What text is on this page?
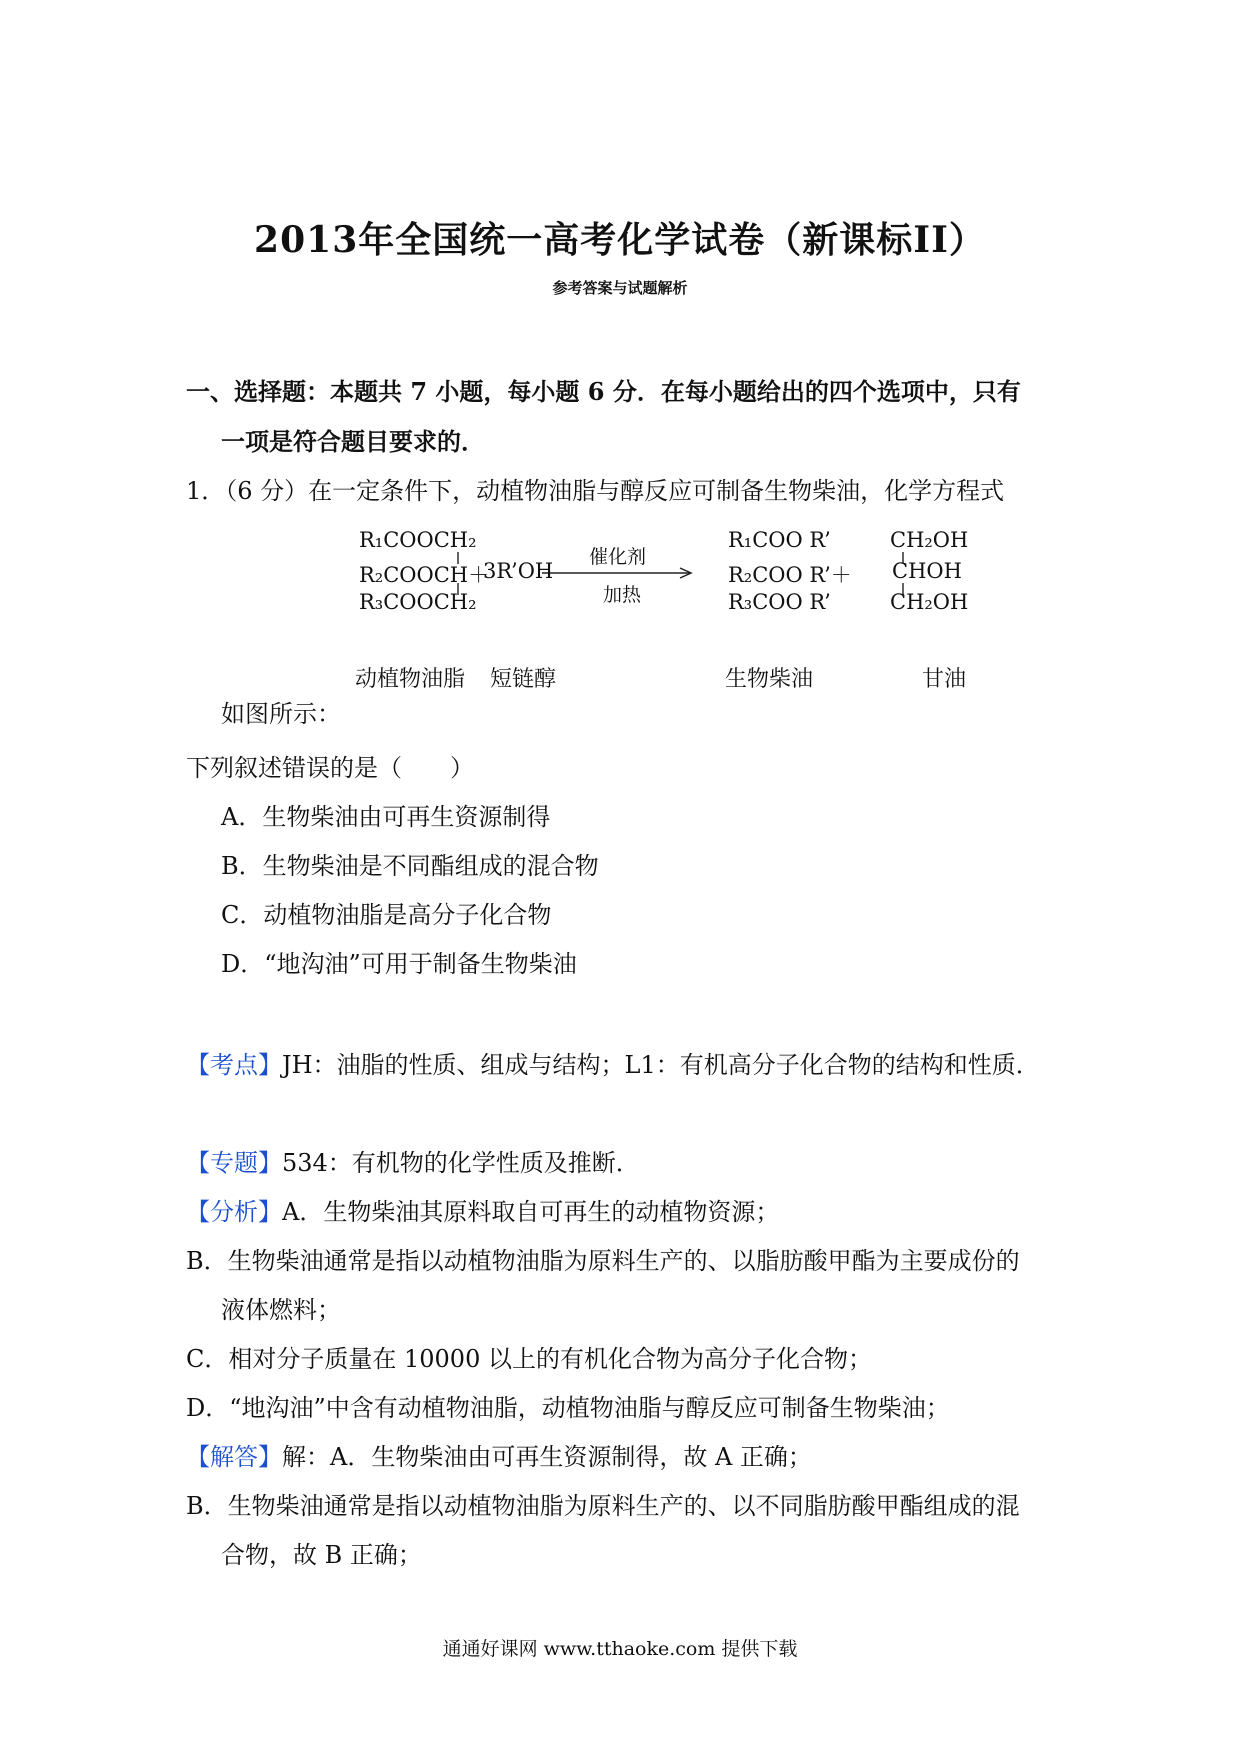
2013年全国统一高考化学试卷（新课标II）
参考答案与试题解析
一、选择题：本题共 7 小题，每小题 6 分．在每小题给出的四个选项中，只有
一项是符合题目要求的．
1．（6 分）在一定条件下，动植物油脂与醇反应可制备生物柴油，化学方程式
R₁COOCH₂
R₂COOCH＋
R₃COOCH₂
3R’OH
催化剂
加热
R₁COO R’
R₂COO R’＋
R₃COO R’
CH₂OH
CHOH
CH₂OH
动植物油脂 短链醇	生物柴油	甘油
如图所示：
下列叙述错误的是（　　）
A．生物柴油由可再生资源制得
B．生物柴油是不同酯组成的混合物
C．动植物油脂是高分子化合物
D．“地沟油”可用于制备生物柴油
【考点】JH：油脂的性质、组成与结构；L1：有机高分子化合物的结构和性质．
【专题】534：有机物的化学性质及推断．
【分析】A．生物柴油其原料取自可再生的动植物资源；
B．生物柴油通常是指以动植物油脂为原料生产的、以脂肪酸甲酯为主要成份的
液体燃料；
C．相对分子质量在 10000 以上的有机化合物为高分子化合物；
D．“地沟油”中含有动植物油脂，动植物油脂与醇反应可制备生物柴油；
【解答】解：A．生物柴油由可再生资源制得，故 A 正确；
B．生物柴油通常是指以动植物油脂为原料生产的、以不同脂肪酸甲酯组成的混
合物，故 B 正确；
通通好课网 www.tthaoke.com 提供下载
